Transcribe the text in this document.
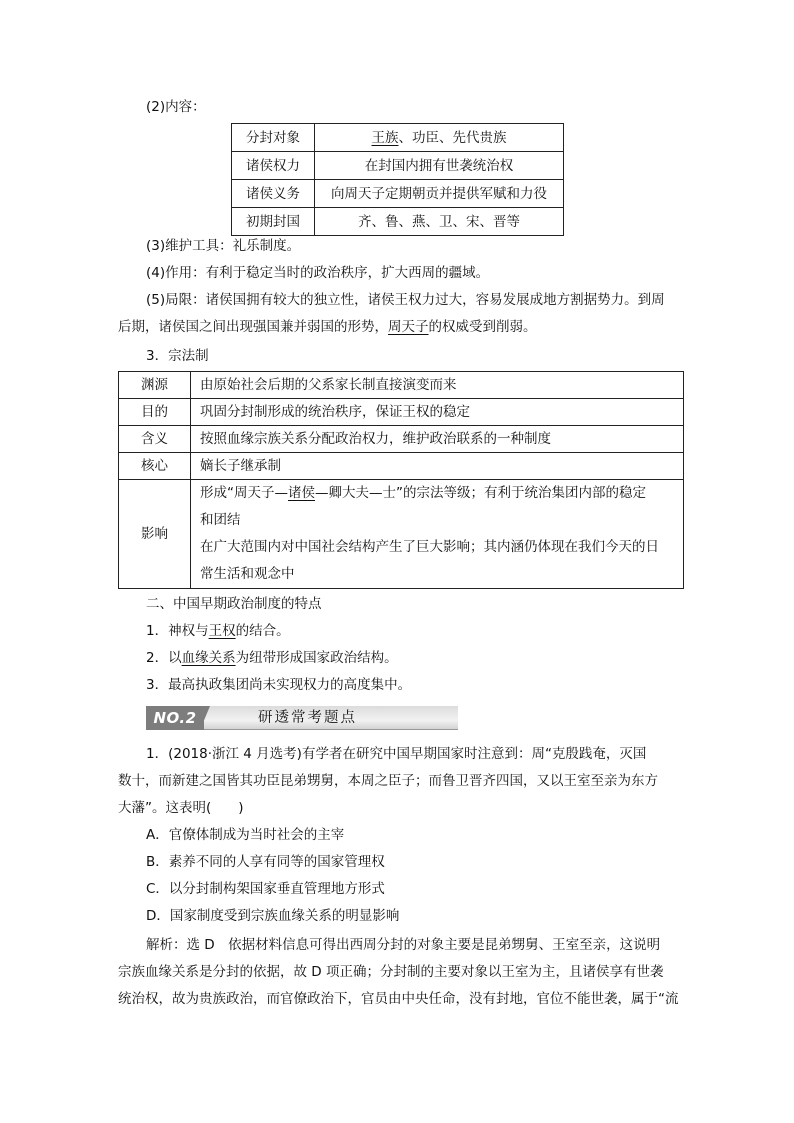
(2)内容：
分封对象	王族、功臣、先代贵族
诸侯权力	在封国内拥有世袭统治权
诸侯义务	向周天子定期朝贡并提供军赋和力役
初期封国	齐、鲁、燕、卫、宋、晋等
(3)维护工具：礼乐制度。
(4)作用：有利于稳定当时的政治秩序，扩大西周的疆域。
(5)局限：诸侯国拥有较大的独立性，诸侯王权力过大，容易发展成地方割据势力。到周
后期，诸侯国之间出现强国兼并弱国的形势，周天子的权威受到削弱。
3．宗法制
渊源	由原始社会后期的父系家长制直接演变而来
目的	巩固分封制形成的统治秩序，保证王权的稳定
含义	按照血缘宗族关系分配政治权力，维护政治联系的一种制度
核心	嫡长子继承制
影响	形成“周天子—诸侯—卿大夫—士”的宗法等级；有利于统治集团内部的稳定
和团结
在广大范围内对中国社会结构产生了巨大影响；其内涵仍体现在我们今天的日
常生活和观念中
二、中国早期政治制度的特点
1．神权与王权的结合。
2．以血缘关系为纽带形成国家政治结构。
3．最高执政集团尚未实现权力的高度集中。
NO.2	研透常考题点
1．(2018·浙江 4 月选考)有学者在研究中国早期国家时注意到：周“克殷践奄，灭国
数十，而新建之国皆其功臣昆弟甥舅，本周之臣子；而鲁卫晋齐四国，又以王室至亲为东方
大藩”。这表明(　　)
A．官僚体制成为当时社会的主宰
B．素养不同的人享有同等的国家管理权
C．以分封制构架国家垂直管理地方形式
D．国家制度受到宗族血缘关系的明显影响
解析：选 D　依据材料信息可得出西周分封的对象主要是昆弟甥舅、王室至亲，这说明
宗族血缘关系是分封的依据，故 D 项正确；分封制的主要对象以王室为主，且诸侯享有世袭
统治权，故为贵族政治，而官僚政治下，官员由中央任命，没有封地，官位不能世袭，属于“流
